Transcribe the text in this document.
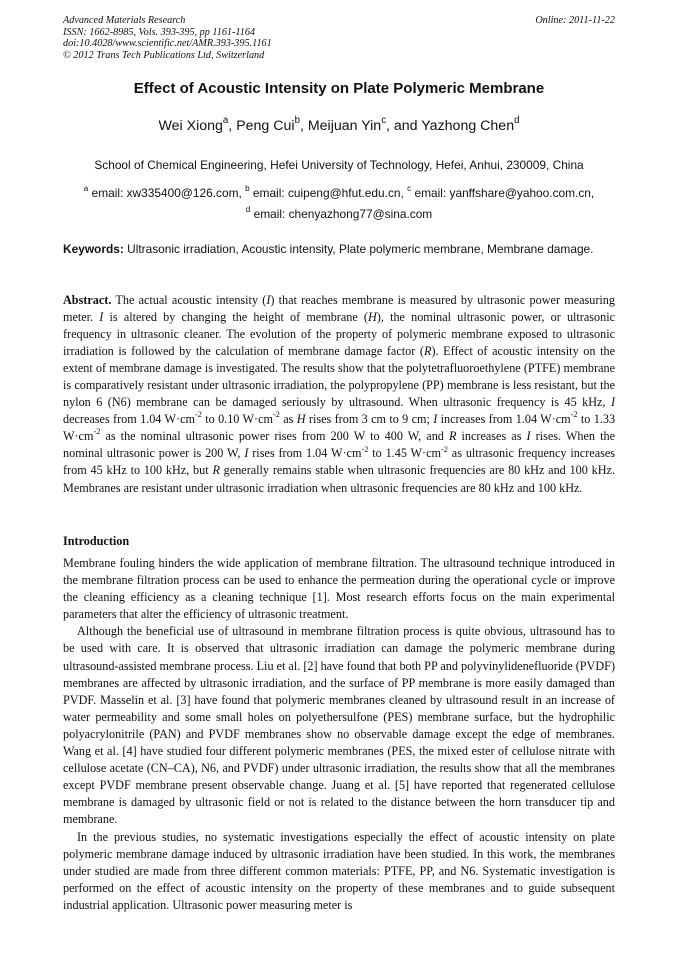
Advanced Materials Research
ISSN: 1662-8985, Vols. 393-395, pp 1161-1164
doi:10.4028/www.scientific.net/AMR.393-395.1161
© 2012 Trans Tech Publications Ltd, Switzerland
Online: 2011-11-22
Effect of Acoustic Intensity on Plate Polymeric Membrane
Wei Xiong$^a$, Peng Cui$^b$, Meijuan Yin$^c$, and Yazhong Chen$^d$
School of Chemical Engineering, Hefei University of Technology, Hefei, Anhui, 230009, China
$^a$ email: xw335400@126.com, $^b$ email: cuipeng@hfut.edu.cn, $^c$ email: yanffshare@yahoo.com.cn,
$^d$ email: chenyazhong77@sina.com
Keywords: Ultrasonic irradiation, Acoustic intensity, Plate polymeric membrane, Membrane damage.
Abstract. The actual acoustic intensity (I) that reaches membrane is measured by ultrasonic power measuring meter. I is altered by changing the height of membrane (H), the nominal ultrasonic power, or ultrasonic frequency in ultrasonic cleaner. The evolution of the property of polymeric membrane exposed to ultrasonic irradiation is followed by the calculation of membrane damage factor (R). Effect of acoustic intensity on the extent of membrane damage is investigated. The results show that the polytetrafluoroethylene (PTFE) membrane is comparatively resistant under ultrasonic irradiation, the polypropylene (PP) membrane is less resistant, but the nylon 6 (N6) membrane can be damaged seriously by ultrasound. When ultrasonic frequency is 45 kHz, I decreases from 1.04 $W\cdot cm^{-2}$ to 0.10 $W\cdot cm^{-2}$ as H rises from 3 cm to 9 cm; I increases from 1.04 $W\cdot cm^{-2}$ to 1.33 $W\cdot cm^{-2}$ as the nominal ultrasonic power rises from 200 W to 400 W, and R increases as I rises. When the nominal ultrasonic power is 200 W, I rises from 1.04 $W\cdot cm^{-2}$ to 1.45 $W\cdot cm^{-2}$ as ultrasonic frequency increases from 45 kHz to 100 kHz, but R generally remains stable when ultrasonic frequencies are 80 kHz and 100 kHz. Membranes are resistant under ultrasonic irradiation when ultrasonic frequencies are 80 kHz and 100 kHz.
Introduction

Membrane fouling hinders the wide application of membrane filtration. The ultrasound technique introduced in the membrane filtration process can be used to enhance the permeation during the operational cycle or improve the cleaning efficiency as a cleaning technique [1]. Most research efforts focus on the main experimental parameters that alter the efficiency of ultrasonic treatment.

Although the beneficial use of ultrasound in membrane filtration process is quite obvious, ultrasound has to be used with care. It is observed that ultrasonic irradiation can damage the polymeric membrane during ultrasound-assisted membrane process. Liu et al. [2] have found that both PP and polyvinylidenefluoride (PVDF) membranes are affected by ultrasonic irradiation, and the surface of PP membrane is more easily damaged than PVDF. Masselin et al. [3] have found that polymeric membranes cleaned by ultrasound result in an increase of water permeability and some small holes on polyethersulfone (PES) membrane surface, but the hydrophilic polyacrylonitrile (PAN) and PVDF membranes show no observable damage except the edge of membranes. Wang et al. [4] have studied four different polymeric membranes (PES, the mixed ester of cellulose nitrate with cellulose acetate (CN–CA), N6, and PVDF) under ultrasonic irradiation, the results show that all the membranes except PVDF membrane present observable change. Juang et al. [5] have reported that regenerated cellulose membrane is damaged by ultrasonic field or not is related to the distance between the horn transducer tip and membrane.

In the previous studies, no systematic investigations especially the effect of acoustic intensity on plate polymeric membrane damage induced by ultrasonic irradiation have been studied. In this work, the membranes under studied are made from three different common materials: PTFE, PP, and N6. Systematic investigation is performed on the effect of acoustic intensity on the property of these membranes and to guide subsequent industrial application. Ultrasonic power measuring meter is
